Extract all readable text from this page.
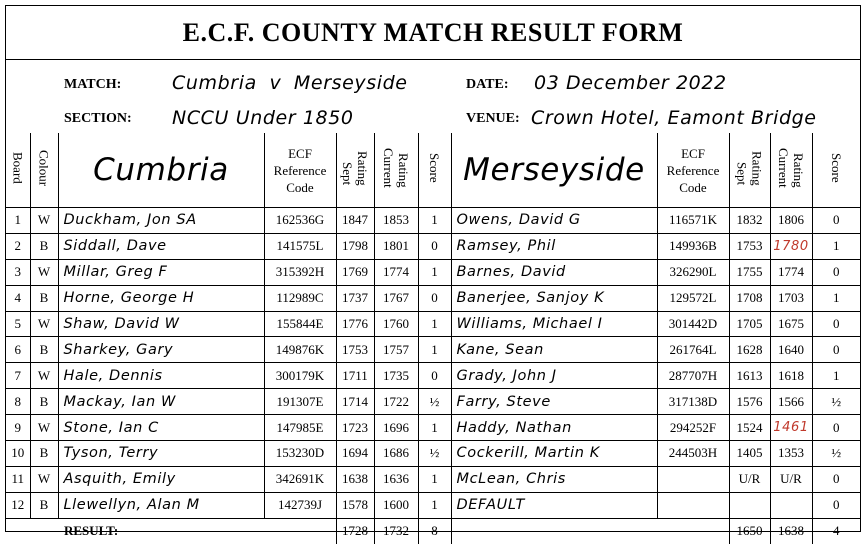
E.C.F. COUNTY MATCH RESULT FORM
MATCH:	Cumbria v Merseyside	DATE: 03 December 2022
SECTION: NCCU Under 1850	VENUE: Crown Hotel, Eamont Bridge
Board	Colour	Cumbria	ECF
Reference
Code	SeptRating	CurrentRating	Score	Merseyside	ECF
Reference
Code	SeptRating	CurrentRating	Score
1	W	Duckham, Jon SA	162536G	1847	1853	1	Owens, David G	116571K	1832	1806	0
2	B	Siddall, Dave	141575L	1798	1801	0	Ramsey, Phil	149936B	1753	1780	1
3	W	Millar, Greg F	315392H	1769	1774	1	Barnes, David	326290L	1755	1774	0
4	B	Horne, George H	112989C	1737	1767	0	Banerjee, Sanjoy K	129572L	1708	1703	1
5	W	Shaw, David W	155844E	1776	1760	1	Williams, Michael I	301442D	1705	1675	0
6	B	Sharkey, Gary	149876K	1753	1757	1	Kane, Sean	261764L	1628	1640	0
7	W	Hale, Dennis	300179K	1711	1735	0	Grady, John J	287707H	1613	1618	1
8	B	Mackay, Ian W	191307E	1714	1722	½	Farry, Steve	317138D	1576	1566	½
9	W	Stone, Ian C	147985E	1723	1696	1	Haddy, Nathan	294252F	1524	1461	0
10	B	Tyson, Terry	153230D	1694	1686	½	Cockerill, Martin K	244503H	1405	1353	½
11	W	Asquith, Emily	342691K	1638	1636	1	McLean, Chris		U/R	U/R	0
12	B	Llewellyn, Alan M	142739J	1578	1600	1	DEFAULT				0
RESULT:				1728	1732	8			1650	1638	4
